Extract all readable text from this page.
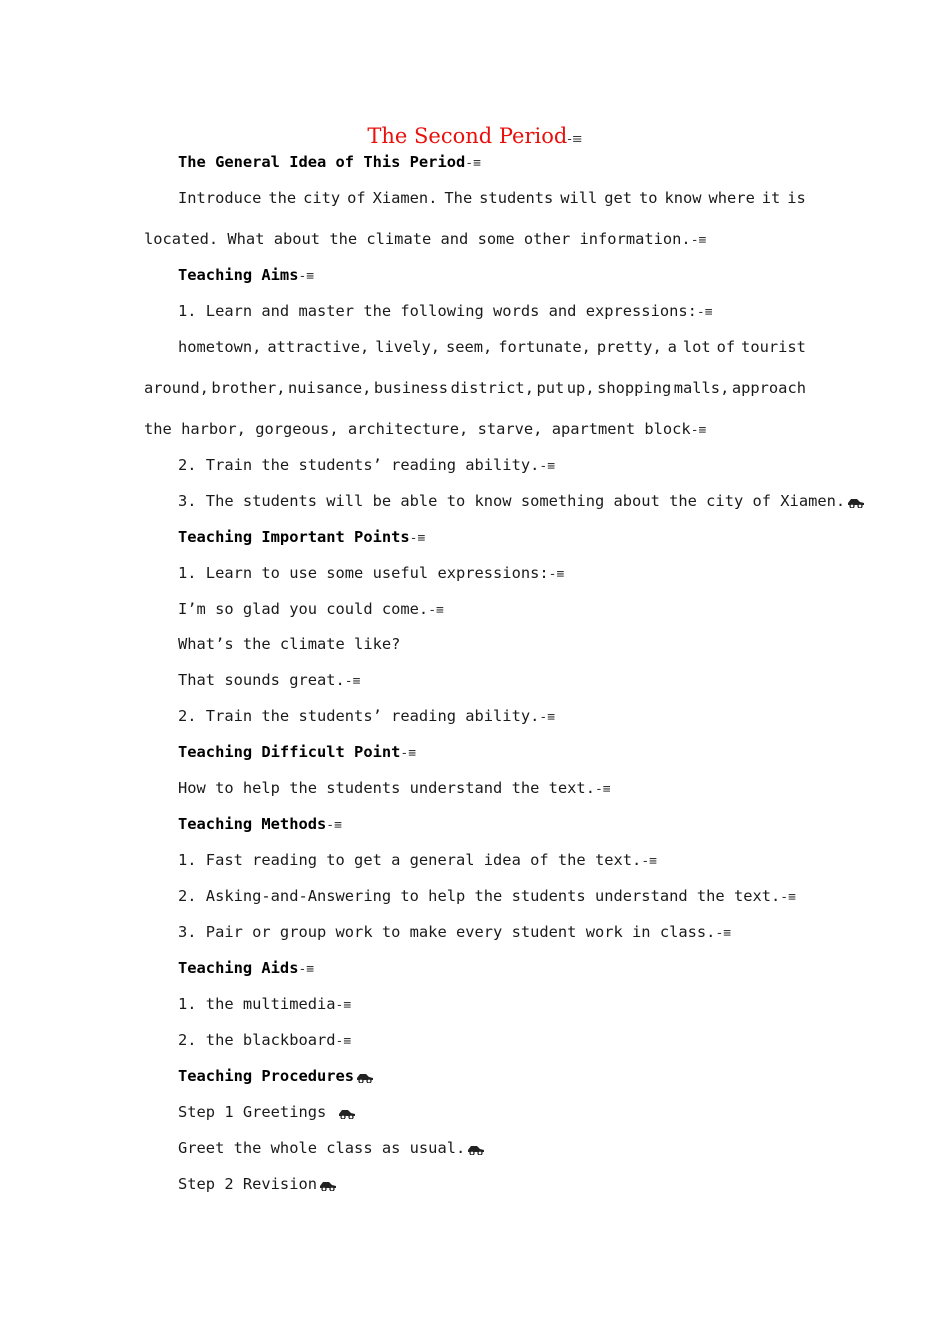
The Second Period-≡
The General Idea of This Period-≡
Introduce the city of Xiamen. The students will get to know where it is
located. What about the climate and some other information.-≡
Teaching Aims-≡
1. Learn and master the following words and expressions:-≡
hometown, attractive, lively, seem, fortunate, pretty, a lot of tourist
around, brother, nuisance, business district, put up, shopping malls, approach
the harbor, gorgeous, architecture, starve, apartment block-≡
2. Train the students’ reading ability.-≡
3. The students will be able to know something about the city of Xiamen.
Teaching Important Points-≡
1. Learn to use some useful expressions:-≡
I’m so glad you could come.-≡
What’s the climate like?
That sounds great.-≡
2. Train the students’ reading ability.-≡
Teaching Difficult Point-≡
How to help the students understand the text.-≡
Teaching Methods-≡
1. Fast reading to get a general idea of the text.-≡
2. Asking-and-Answering to help the students understand the text.-≡
3. Pair or group work to make every student work in class.-≡
Teaching Aids-≡
1. the multimedia-≡
2. the blackboard-≡
Teaching Procedures
Step 1 Greetings
Greet the whole class as usual.
Step 2 Revision
